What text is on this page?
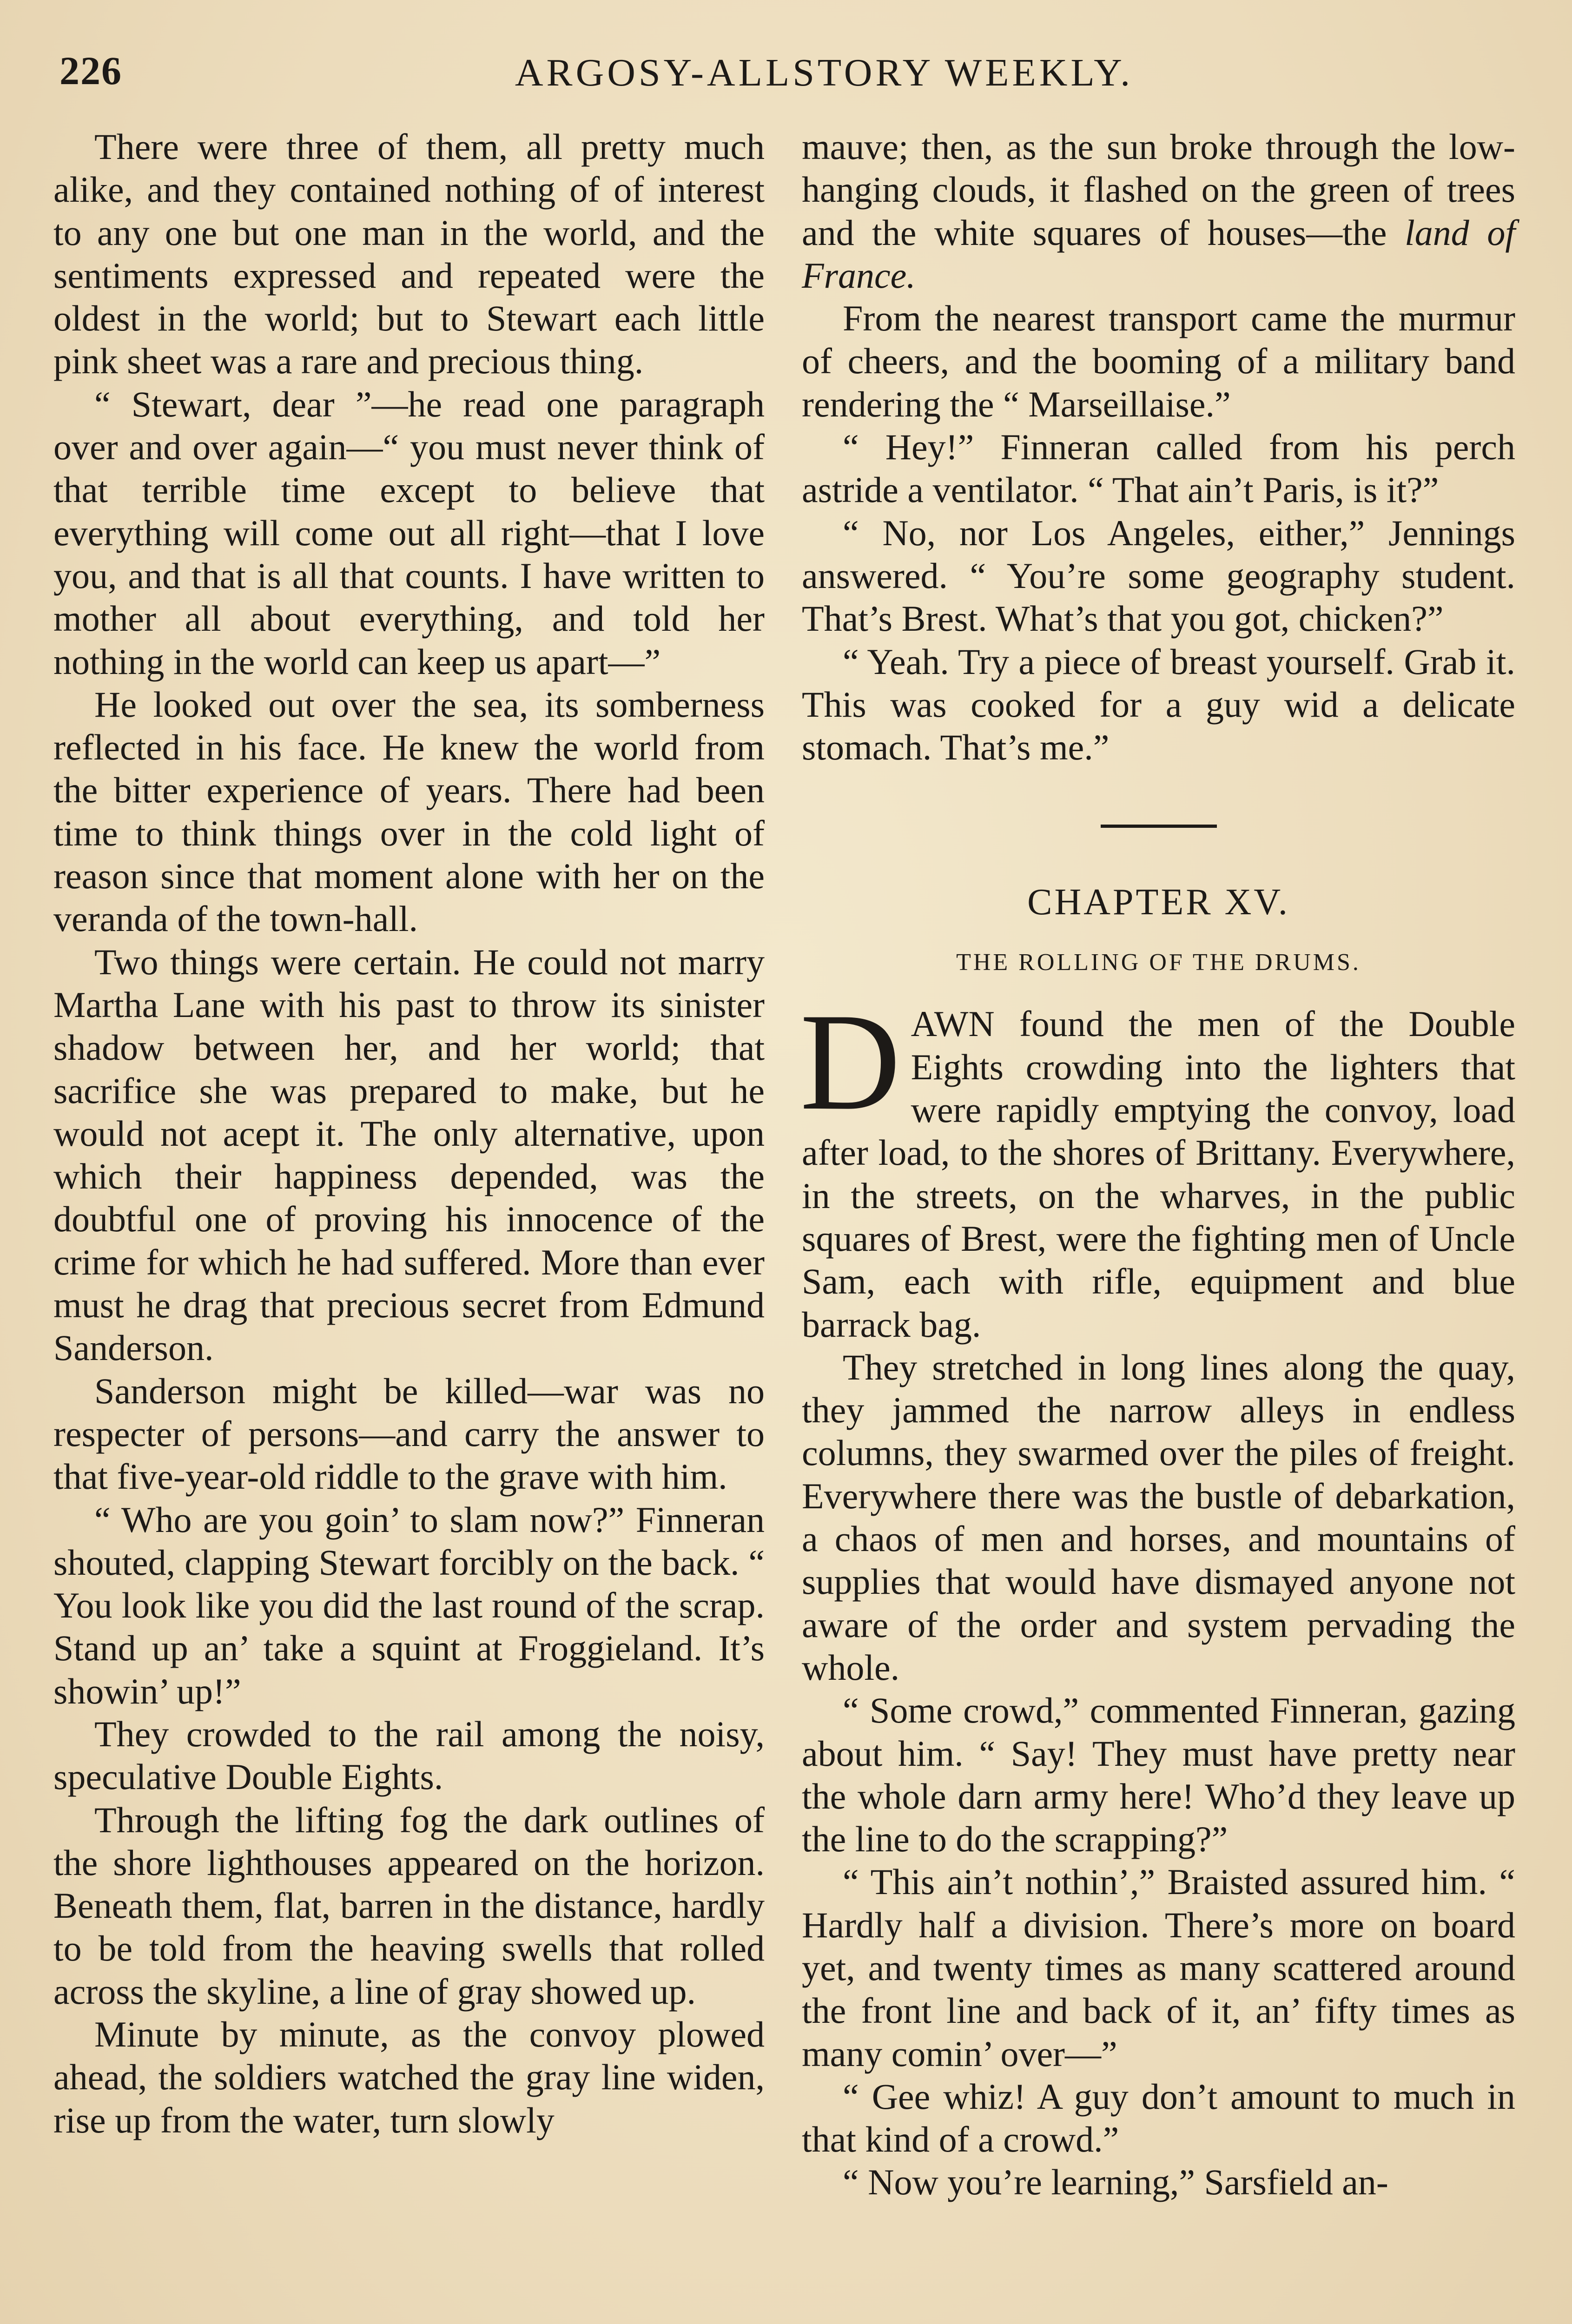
226	ARGOSY-ALLSTORY WEEKLY.

There were three of them, all pretty much alike, and they contained nothing of of interest to any one but one man in the world, and the sentiments expressed and repeated were the oldest in the world; but to Stewart each little pink sheet was a rare and precious thing.

“ Stewart, dear ”—he read one paragraph over and over again—“ you must never think of that terrible time except to believe that everything will come out all right—that I love you, and that is all that counts. I have written to mother all about everything, and told her nothing in the world can keep us apart—”

He looked out over the sea, its somberness reflected in his face. He knew the world from the bitter experience of years. There had been time to think things over in the cold light of reason since that moment alone with her on the veranda of the town-hall.

Two things were certain. He could not marry Martha Lane with his past to throw its sinister shadow between her, and her world; that sacrifice she was prepared to make, but he would not acept it. The only alternative, upon which their happiness depended, was the doubtful one of proving his innocence of the crime for which he had suffered. More than ever must he drag that precious secret from Edmund Sanderson.

Sanderson might be killed—war was no respecter of persons—and carry the answer to that five-year-old riddle to the grave with him.

“ Who are you goin’ to slam now?” Finneran shouted, clapping Stewart forcibly on the back. “ You look like you did the last round of the scrap. Stand up an’ take a squint at Froggieland. It’s showin’ up!”

They crowded to the rail among the noisy, speculative Double Eights.

Through the lifting fog the dark outlines of the shore lighthouses appeared on the horizon. Beneath them, flat, barren in the distance, hardly to be told from the heaving swells that rolled across the skyline, a line of gray showed up.

Minute by minute, as the convoy plowed ahead, the soldiers watched the gray line widen, rise up from the water, turn slowly

mauve; then, as the sun broke through the low-hanging clouds, it flashed on the green of trees and the white squares of houses—the land of France.

From the nearest transport came the murmur of cheers, and the booming of a military band rendering the “ Marseillaise.”

“ Hey!” Finneran called from his perch astride a ventilator. “ That ain’t Paris, is it?”

“ No, nor Los Angeles, either,” Jennings answered. “ You’re some geography student. That’s Brest. What’s that you got, chicken?”

“ Yeah. Try a piece of breast yourself. Grab it. This was cooked for a guy wid a delicate stomach. That’s me.”

CHAPTER XV.
THE ROLLING OF THE DRUMS.
D AWN found the men of the Double Eights crowding into the lighters that were rapidly emptying the convoy, load after load, to the shores of Brittany. Everywhere, in the streets, on the wharves, in the public squares of Brest, were the fighting men of Uncle Sam, each with rifle, equipment and blue barrack bag.

They stretched in long lines along the quay, they jammed the narrow alleys in endless columns, they swarmed over the piles of freight. Everywhere there was the bustle of debarkation, a chaos of men and horses, and mountains of supplies that would have dismayed anyone not aware of the order and system pervading the whole.

“ Some crowd,” commented Finneran, gazing about him. “ Say! They must have pretty near the whole darn army here! Who’d they leave up the line to do the scrapping?”

“ This ain’t nothin’,” Braisted assured him. “ Hardly half a division. There’s more on board yet, and twenty times as many scattered around the front line and back of it, an’ fifty times as many comin’ over—”

“ Gee whiz! A guy don’t amount to much in that kind of a crowd.”

“ Now you’re learning,” Sarsfield an-
